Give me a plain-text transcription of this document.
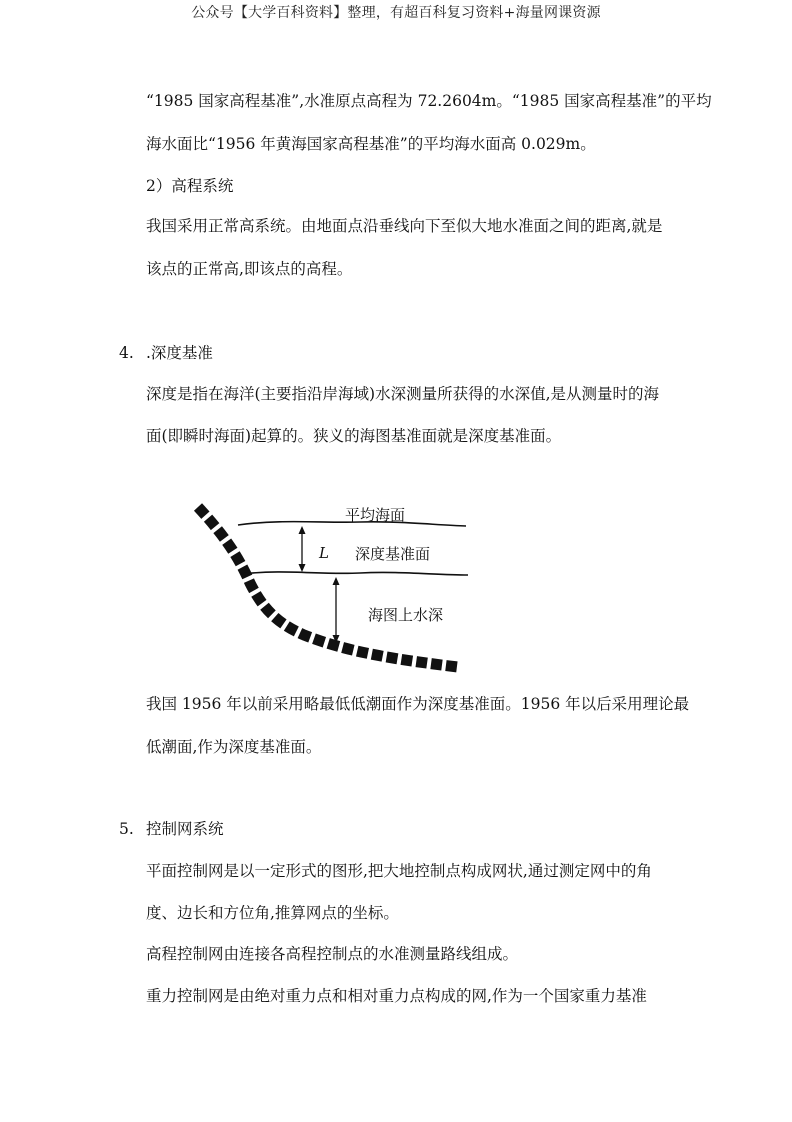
公众号【大学百科资料】整理，有超百科复习资料+海量网课资源
“1985 国家高程基准”,水准原点高程为 72.2604m。“1985 国家高程基准”的平均
海水面比“1956 年黄海国家高程基准”的平均海水面高 0.029m。
2）高程系统
我国采用正常高系统。由地面点沿垂线向下至似大地水准面之间的距离,就是
该点的正常高,即该点的高程。
4. .深度基准
深度是指在海洋(主要指沿岸海域)水深测量所获得的水深值,是从测量时的海
面(即瞬时海面)起算的。狭义的海图基准面就是深度基准面。
平均海面
L 深度基准面
海图上水深
我国 1956 年以前采用略最低低潮面作为深度基准面。1956 年以后采用理论最
低潮面,作为深度基准面。
5. 控制网系统
平面控制网是以一定形式的图形,把大地控制点构成网状,通过测定网中的角
度、边长和方位角,推算网点的坐标。
高程控制网由连接各高程控制点的水准测量路线组成。
重力控制网是由绝对重力点和相对重力点构成的网,作为一个国家重力基准
